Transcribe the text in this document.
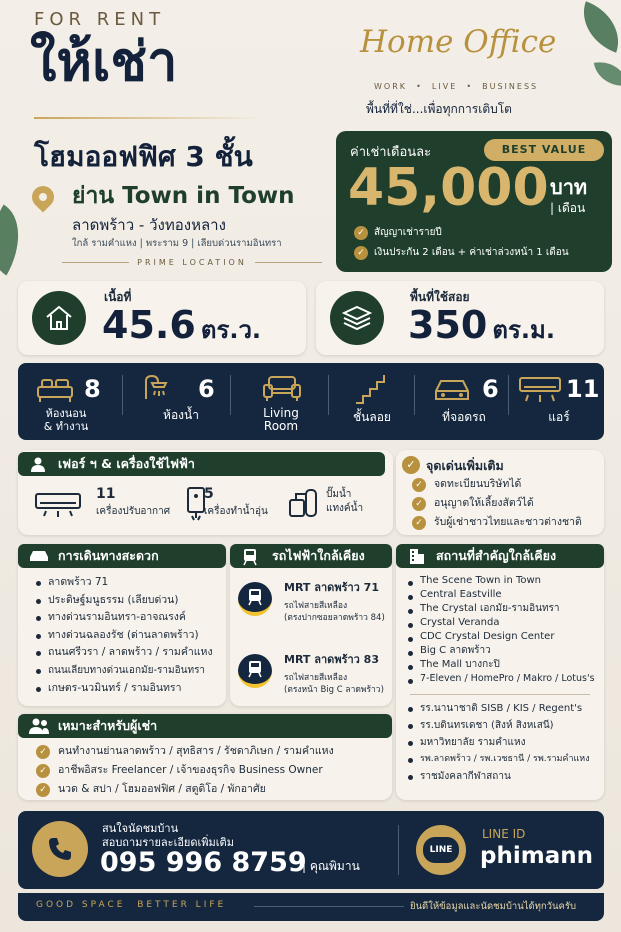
FOR RENT
ให้เช่า
โฮมออฟฟิศ 3 ชั้น
ย่าน Town in Town
ลาดพร้าว - วังทองหลาง
ใกล้ รามคำแหง | พระราม 9 | เลียบด่วนรามอินทรา
PRIME LOCATION
Home Office
WORK  •  LIVE  •  BUSINESS
พื้นที่ที่ใช่...เพื่อทุกการเติบโต
ค่าเช่าเดือนละ	BEST VALUE
45,000 บาท
| เดือน
✓ สัญญาเช่ารายปี
✓ เงินประกัน 2 เดือน + ค่าเช่าล่วงหน้า 1 เดือน
เนื้อที่
45.6 ตร.ว.
พื้นที่ใช้สอย
350 ตร.ม.
8
ห้องนอน
& ทำงาน
6
ห้องน้ำ	Living
Room
ชั้นลอย
6
ที่จอดรถ
11
แอร์
เฟอร์ ฯ & เครื่องใช้ไฟฟ้า
11
เครื่องปรับอากาศ
5
เครื่องทำน้ำอุ่น
ปั๊มน้ำ
แทงค์น้ำ
✓ จุดเด่นเพิ่มเติม
✓	จดทะเบียนบริษัทได้
✓	อนุญาตให้เลี้ยงสัตว์ได้
✓	รับผู้เช่าชาวไทยและชาวต่างชาติ
การเดินทางสะดวก
ลาดพร้าว 71
ประดิษฐ์มนูธรรม (เลียบด่วน)
ทางด่วนรามอินทรา-อาจณรงค์
ทางด่วนฉลองรัช (ด่านลาดพร้าว)
ถนนศรีวรา / ลาดพร้าว / รามคำแหง
ถนนเลียบทางด่วนเอกมัย-รามอินทรา
เกษตร-นวมินทร์ / รามอินทรา
รถไฟฟ้าใกล้เคียง
MRT ลาดพร้าว 71
รถไฟสายสีเหลือง
(ตรงปากซอยลาดพร้าว 84)
MRT ลาดพร้าว 83
รถไฟสายสีเหลือง
(ตรงหน้า Big C ลาดพร้าว)
สถานที่สำคัญใกล้เคียง
The Scene Town in Town
Central Eastville
The Crystal เอกมัย-รามอินทรา
Crystal Veranda
CDC Crystal Design Center
Big C ลาดพร้าว
The Mall บางกะปิ
7-Eleven / HomePro / Makro / Lotus's
รร.นานาชาติ SISB / KIS / Regent's
รร.บดินทรเดชา (สิงห์ สิงหเสนี)
มหาวิทยาลัย รามคำแหง
รพ.ลาดพร้าว / รพ.เวชธานี / รพ.รามคำแหง
ราชมังคลากีฬาสถาน
เหมาะสำหรับผู้เช่า
✓	คนทำงานย่านลาดพร้าว / สุทธิสาร / รัชดาภิเษก / รามคำแหง
✓	อาชีพอิสระ Freelancer / เจ้าของธุรกิจ Business Owner
✓	นวด & สปา / โฮมออฟฟิศ / สตูดิโอ / พักอาศัย
สนใจนัดชมบ้าน
สอบถามรายละเอียดเพิ่มเติม
095 996 8759
| คุณพิมาน
LINE
LINE ID
phimann
GOOD SPACE  BETTER LIFE	ยินดีให้ข้อมูลและนัดชมบ้านได้ทุกวันครับ
